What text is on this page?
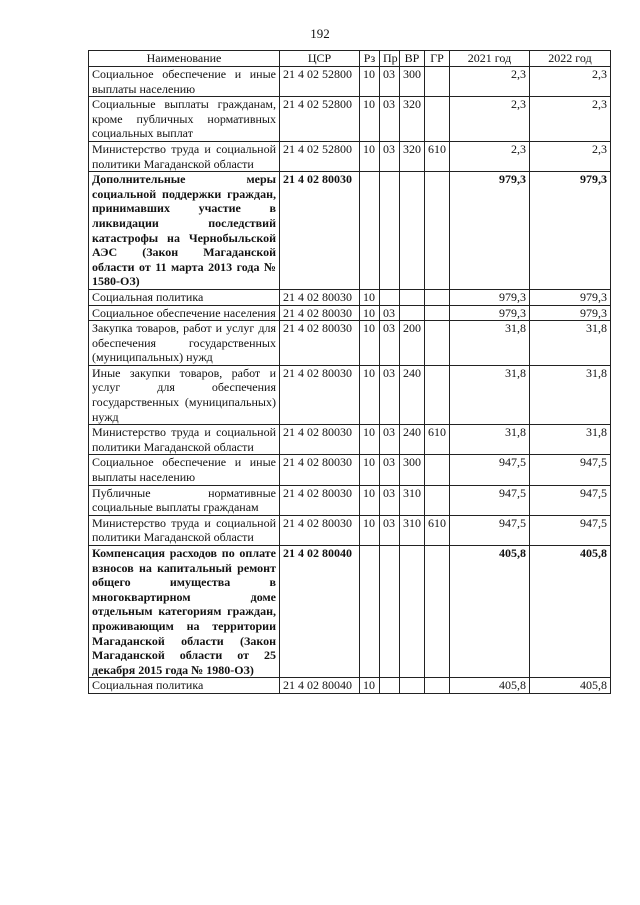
192
Наименование	ЦСР	Рз	Пр	ВР	ГР	2021 год	2022 год
Социальное обеспечение и иные выплаты населению	21 4 02 52800	10	03	300		2,3	2,3
Социальные выплаты гражданам, кроме публичных нормативных социальных выплат	21 4 02 52800	10	03	320		2,3	2,3
Министерство труда и социальной политики Магаданской области	21 4 02 52800	10	03	320	610	2,3	2,3
Дополнительные меры социальной поддержки граждан, принимавших участие в ликвидации последствий катастрофы на Чернобыльской АЭС (Закон Магаданской области от 11 марта 2013 года № 1580-ОЗ)	21 4 02 80030					979,3	979,3
Социальная политика	21 4 02 80030	10				979,3	979,3
Социальное обеспечение населения	21 4 02 80030	10	03			979,3	979,3
Закупка товаров, работ и услуг для обеспечения государственных (муниципальных) нужд	21 4 02 80030	10	03	200		31,8	31,8
Иные закупки товаров, работ и услуг для обеспечения государственных (муниципальных) нужд	21 4 02 80030	10	03	240		31,8	31,8
Министерство труда и социальной политики Магаданской области	21 4 02 80030	10	03	240	610	31,8	31,8
Социальное обеспечение и иные выплаты населению	21 4 02 80030	10	03	300		947,5	947,5
Публичные нормативные социальные выплаты гражданам	21 4 02 80030	10	03	310		947,5	947,5
Министерство труда и социальной политики Магаданской области	21 4 02 80030	10	03	310	610	947,5	947,5
Компенсация расходов по оплате взносов на капитальный ремонт общего имущества в многоквартирном доме отдельным категориям граждан, проживающим на территории Магаданской области (Закон Магаданской области от 25 декабря 2015 года № 1980-ОЗ)	21 4 02 80040					405,8	405,8
Социальная политика	21 4 02 80040	10				405,8	405,8
